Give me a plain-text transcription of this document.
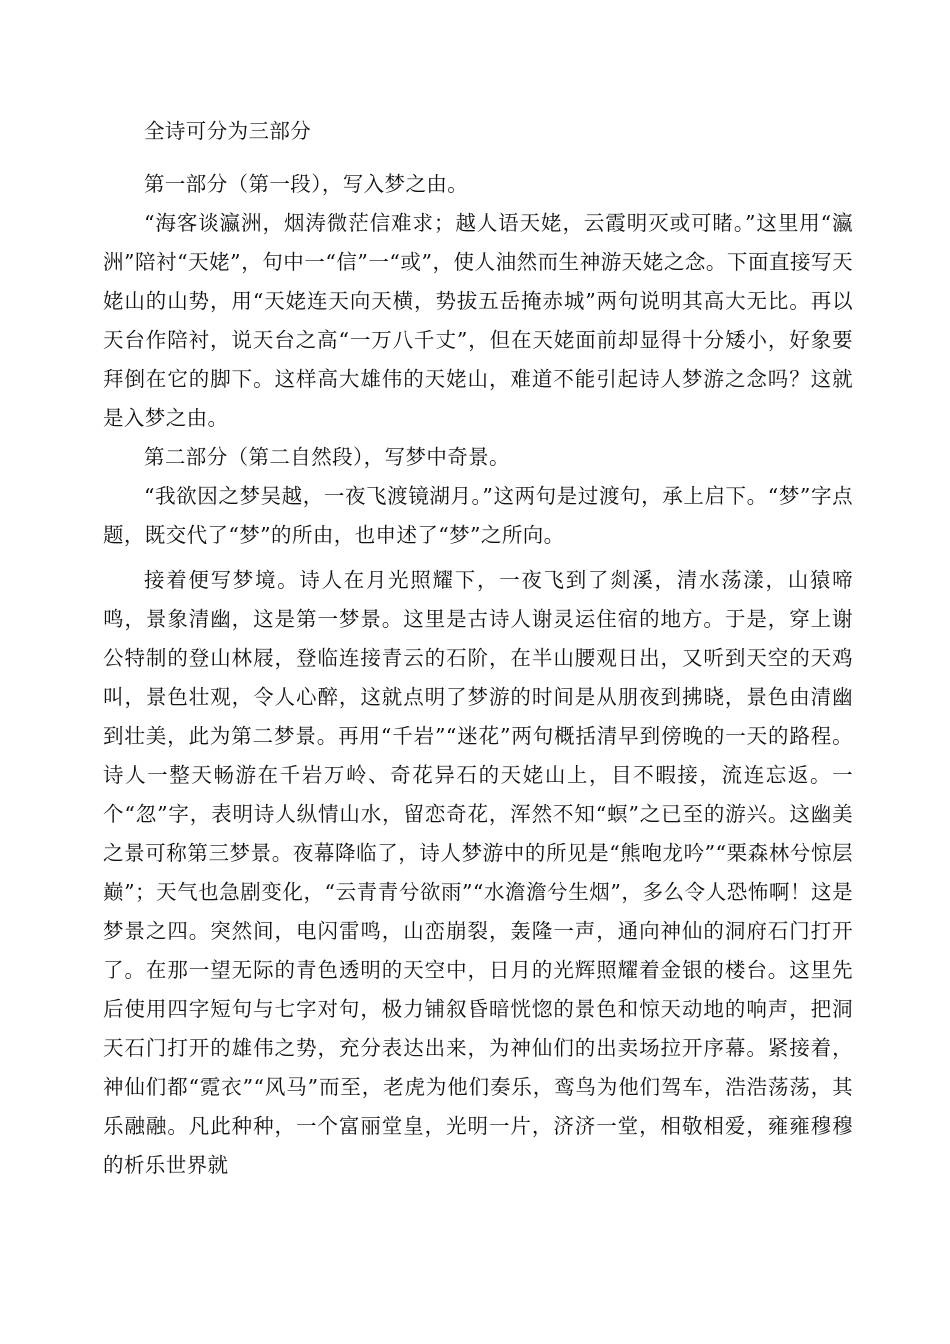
全诗可分为三部分

第一部分（第一段），写入梦之由。

“海客谈瀛洲，烟涛微茫信难求；越人语天姥，云霞明灭或可睹。”这里用“瀛洲”陪衬“天姥”，句中一“信”一“或”，使人油然而生神游天姥之念。下面直接写天姥山的山势，用“天姥连天向天横，势拔五岳掩赤城”两句说明其高大无比。再以天台作陪衬，说天台之高“一万八千丈”，但在天姥面前却显得十分矮小，好象要拜倒在它的脚下。这样高大雄伟的天姥山，难道不能引起诗人梦游之念吗？这就是入梦之由。

第二部分（第二自然段），写梦中奇景。

“我欲因之梦吴越，一夜飞渡镜湖月。”这两句是过渡句，承上启下。“梦”字点题，既交代了“梦”的所由，也申述了“梦”之所向。

接着便写梦境。诗人在月光照耀下，一夜飞到了剡溪，清水荡漾，山猿啼鸣，景象清幽，这是第一梦景。这里是古诗人谢灵运住宿的地方。于是，穿上谢公特制的登山林屐，登临连接青云的石阶，在半山腰观日出，又听到天空的天鸡叫，景色壮观，令人心醉，这就点明了梦游的时间是从朋夜到拂晓，景色由清幽到壮美，此为第二梦景。再用“千岩”“迷花”两句概括清早到傍晚的一天的路程。诗人一整天畅游在千岩万岭、奇花异石的天姥山上，目不暇接，流连忘返。一个“忽”字，表明诗人纵情山水，留恋奇花，浑然不知“螟”之已至的游兴。这幽美之景可称第三梦景。夜幕降临了，诗人梦游中的所见是“熊咆龙吟”“栗森林兮惊层巅”；天气也急剧变化，“云青青兮欲雨”“水澹澹兮生烟”，多么令人恐怖啊！这是梦景之四。突然间，电闪雷鸣，山峦崩裂，轰隆一声，通向神仙的洞府石门打开了。在那一望无际的青色透明的天空中，日月的光辉照耀着金银的楼台。这里先后使用四字短句与七字对句，极力铺叙昏暗恍惚的景色和惊天动地的响声，把洞天石门打开的雄伟之势，充分表达出来，为神仙们的出卖场拉开序幕。紧接着，神仙们都“霓衣”“风马”而至，老虎为他们奏乐，鸾鸟为他们驾车，浩浩荡荡，其乐融融。凡此种种，一个富丽堂皇，光明一片，济济一堂，相敬相爱，雍雍穆穆的析乐世界就
